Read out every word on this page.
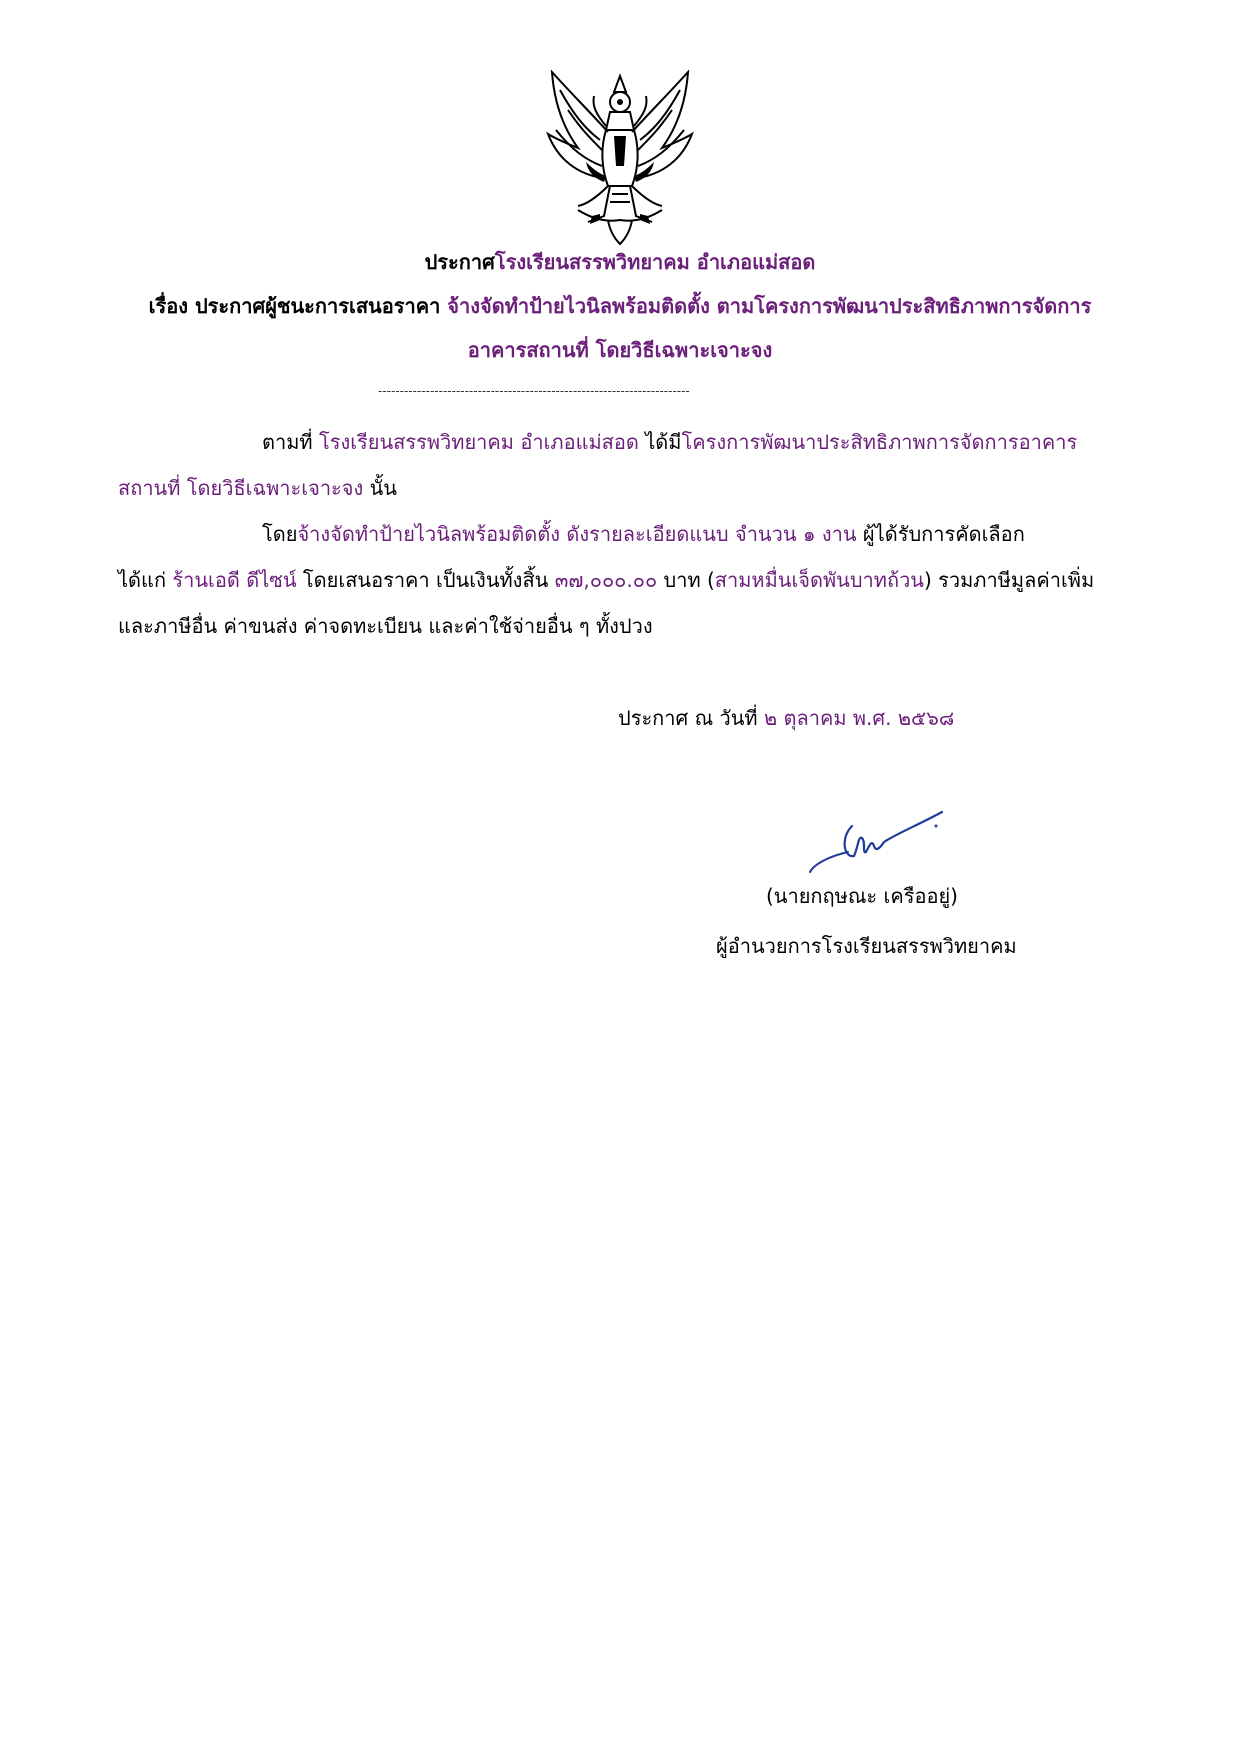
ประกาศโรงเรียนสรรพวิทยาคม อำเภอแม่สอด
เรื่อง ประกาศผู้ชนะการเสนอราคา จ้างจัดทำป้ายไวนิลพร้อมติดตั้ง ตามโครงการพัฒนาประสิทธิภาพการจัดการ
อาคารสถานที่ โดยวิธีเฉพาะเจาะจง
------------------------------------------------------------------------
ตามที่ โรงเรียนสรรพวิทยาคม อำเภอแม่สอด ได้มีโครงการพัฒนาประสิทธิภาพการจัดการอาคาร
สถานที่ โดยวิธีเฉพาะเจาะจง นั้น
โดยจ้างจัดทำป้ายไวนิลพร้อมติดตั้ง ดังรายละเอียดแนบ จำนวน ๑ งาน ผู้ได้รับการคัดเลือก
ได้แก่ ร้านเอดี ดีไซน์ โดยเสนอราคา เป็นเงินทั้งสิ้น ๓๗,๐๐๐.๐๐ บาท (สามหมื่นเจ็ดพันบาทถ้วน) รวมภาษีมูลค่าเพิ่ม
และภาษีอื่น ค่าขนส่ง ค่าจดทะเบียน และค่าใช้จ่ายอื่น ๆ ทั้งปวง
ประกาศ ณ วันที่ ๒ ตุลาคม พ.ศ. ๒๕๖๘
(นายกฤษณะ เครืออยู่)
ผู้อำนวยการโรงเรียนสรรพวิทยาคม
